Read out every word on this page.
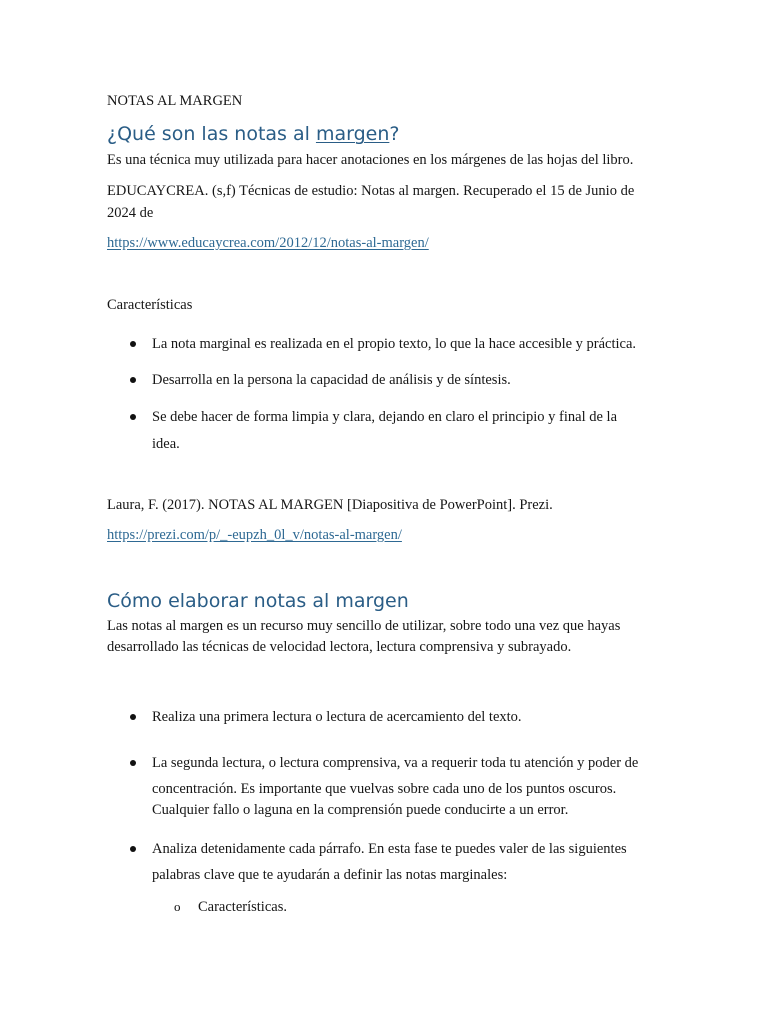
NOTAS AL MARGEN
¿Qué son las notas al margen?
Es una técnica muy utilizada para hacer anotaciones en los márgenes de las hojas del libro.
EDUCAYCREA. (s,f) Técnicas de estudio: Notas al margen. Recuperado el 15 de Junio de
2024 de
https://www.educaycrea.com/2012/12/notas-al-margen/
Características
La nota marginal es realizada en el propio texto, lo que la hace accesible y práctica.
Desarrolla en la persona la capacidad de análisis y de síntesis.
Se debe hacer de forma limpia y clara, dejando en claro el principio y final de la
idea.
Laura, F. (2017). NOTAS AL MARGEN [Diapositiva de PowerPoint]. Prezi.
https://prezi.com/p/_-eupzh_0l_v/notas-al-margen/
Cómo elaborar notas al margen
Las notas al margen es un recurso muy sencillo de utilizar, sobre todo una vez que hayas
desarrollado las técnicas de velocidad lectora, lectura comprensiva y subrayado.
Realiza una primera lectura o lectura de acercamiento del texto.
La segunda lectura, o lectura comprensiva, va a requerir toda tu atención y poder de
concentración. Es importante que vuelvas sobre cada uno de los puntos oscuros.
Cualquier fallo o laguna en la comprensión puede conducirte a un error.
Analiza detenidamente cada párrafo. En esta fase te puedes valer de las siguientes
palabras clave que te ayudarán a definir las notas marginales:
o Características.
